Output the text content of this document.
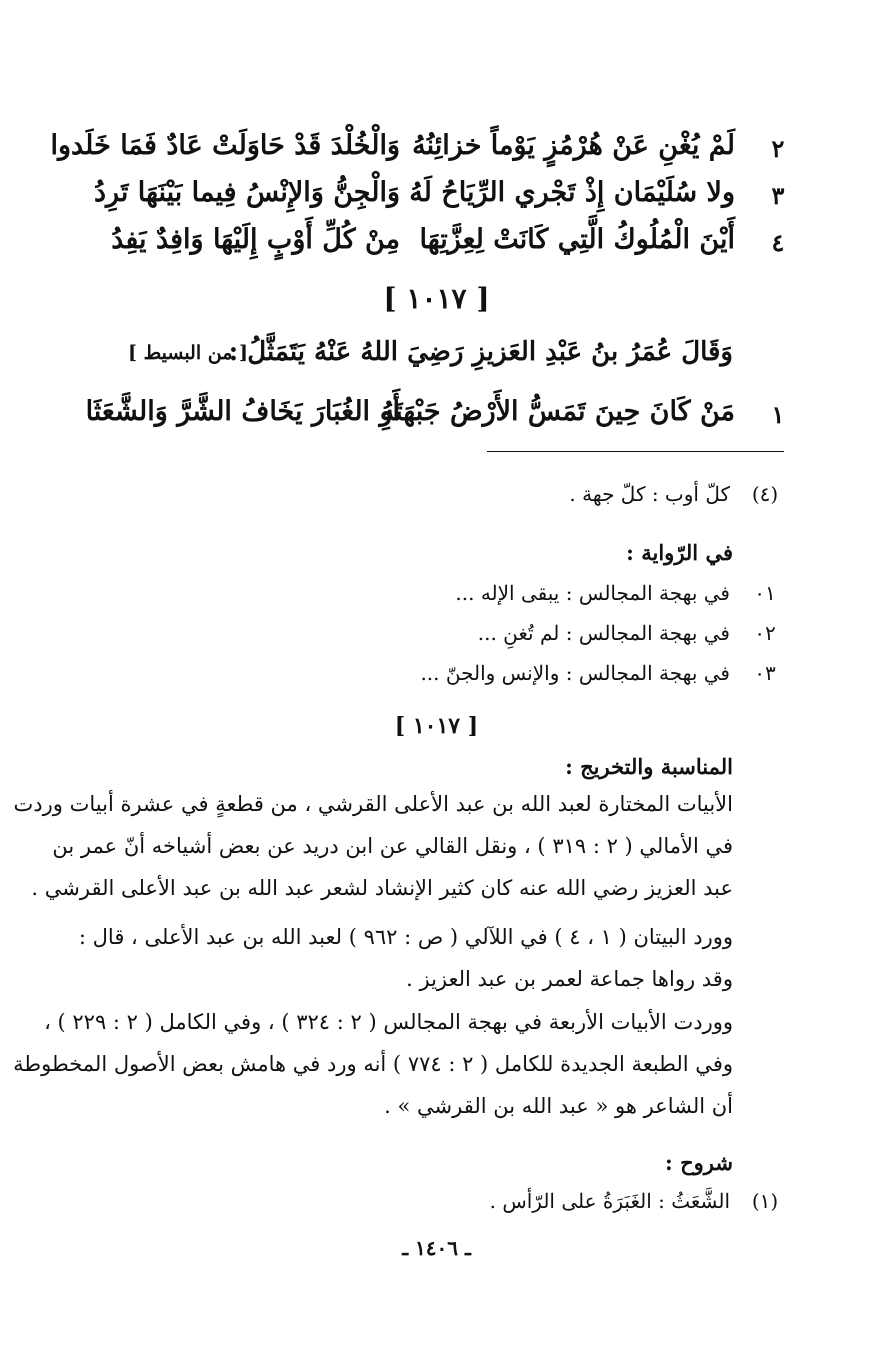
٢
لَمْ يُغْنِ عَنْ هُرْمُزٍ يَوْماً خزائِنُهُ
وَالْخُلْدَ قَدْ حَاوَلَتْ عَادٌ فَمَا خَلَدوا
٣
ولا سُلَيْمَان إِذْ تَجْري الرِّيَاحُ لَهُ
وَالْجِنُّ وَالإِنْسُ فِيما بَيْنَهَا تَرِدُ
٤
أَيْنَ الْمُلُوكُ الَّتِي كَانَتْ لِعِزَّتِهَا
مِنْ كُلِّ أَوْبٍ إِلَيْهَا وَافِدٌ يَفِدُ
[ ١٠١٧ ]
وَقَالَ عُمَرُ بنُ عَبْدِ العَزيزِ رَضِيَ اللهُ عَنْهُ يَتَمَثَّلُ :
[ من البسيط ]
١
مَنْ كَانَ حِينَ تَمَسُّ الأَرْضُ جَبْهَتَهُ
أَوِ الغُبَارَ يَخَافُ الشَّرَّ وَالشَّعَثَا
(٤)
كلّ أوب : كلّ جهة .
في الرّواية :
٠١
في بهجة المجالس : يبقى الإله ...
٠٢
في بهجة المجالس : لم تُغنِ ...
٠٣
في بهجة المجالس : والإنس والجنّ ...
[ ١٠١٧ ]
المناسبة والتخريج :
الأبيات المختارة لعبد الله بن عبد الأعلى القرشي ، من قطعةٍ في عشرة أبيات وردت
في الأمالي ( ٢ : ٣١٩ ) ، ونقل القالي عن ابن دريد عن بعض أشياخه أنّ عمر بن
عبد العزيز رضي الله عنه كان كثير الإنشاد لشعر عبد الله بن عبد الأعلى القرشي .
وورد البيتان ( ١ ، ٤ ) في اللآلي ( ص : ٩٦٢ ) لعبد الله بن عبد الأعلى ، قال :
وقد رواها جماعة لعمر بن عبد العزيز .
ووردت الأبيات الأربعة في بهجة المجالس ( ٢ : ٣٢٤ ) ، وفي الكامل ( ٢ : ٢٢٩ ) ،
وفي الطبعة الجديدة للكامل ( ٢ : ٧٧٤ ) أنه ورد في هامش بعض الأصول المخطوطة
أن الشاعر هو « عبد الله بن القرشي » .
شروح :
(١)
الشَّعَثُ : الغَبَرَةُ على الرّأس .
ـ ١٤٠٦ ـ
